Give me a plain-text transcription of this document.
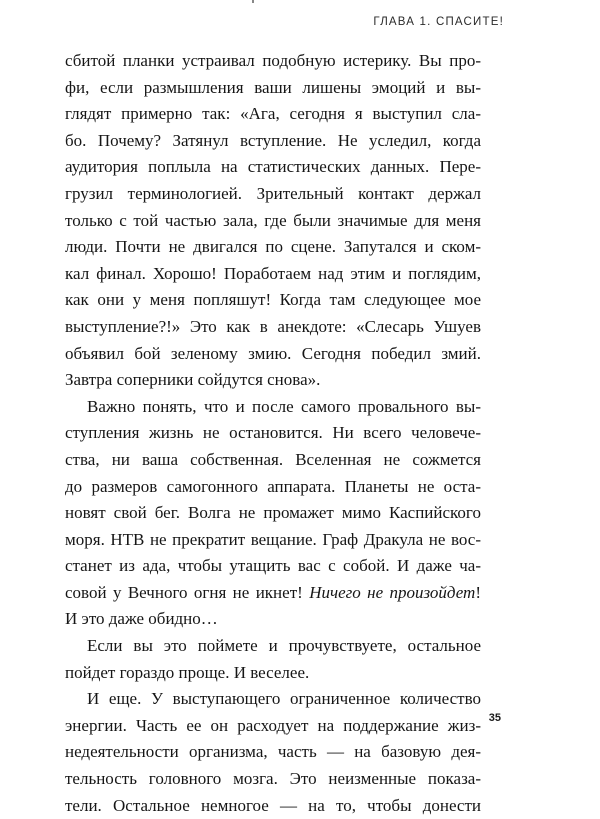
ГЛАВА 1. СПАСИТЕ!
сбитой планки устраивал подобную истерику. Вы про-
фи, если размышления ваши лишены эмоций и вы-
глядят примерно так: «Ага, сегодня я выступил сла-
бо. Почему? Затянул вступление. Не уследил, когда
аудитория поплыла на статистических данных. Пере-
грузил терминологией. Зрительный контакт держал
только с той частью зала, где были значимые для меня
люди. Почти не двигался по сцене. Запутался и ском-
кал финал. Хорошо! Поработаем над этим и поглядим,
как они у меня попляшут! Когда там следующее мое
выступление?!» Это как в анекдоте: «Слесарь Ушуев
объявил бой зеленому змию. Сегодня победил змий.
Завтра соперники сойдутся снова».
Важно понять, что и после самого провального вы-
ступления жизнь не остановится. Ни всего человече-
ства, ни ваша собственная. Вселенная не сожмется
до размеров самогонного аппарата. Планеты не оста-
новят свой бег. Волга не промажет мимо Каспийского
моря. НТВ не прекратит вещание. Граф Дракула не вос-
станет из ада, чтобы утащить вас с собой. И даже ча-
совой у Вечного огня не икнет! Ничего не произойдет!
И это даже обидно…
Если вы это поймете и прочувствуете, остальное
пойдет гораздо проще. И веселее.
И еще. У выступающего ограниченное количество
энергии. Часть ее он расходует на поддержание жиз-
недеятельности организма, часть — на базовую дея-
тельность головного мозга. Это неизменные показа-
тели. Остальное немногое — на то, чтобы донести
35
